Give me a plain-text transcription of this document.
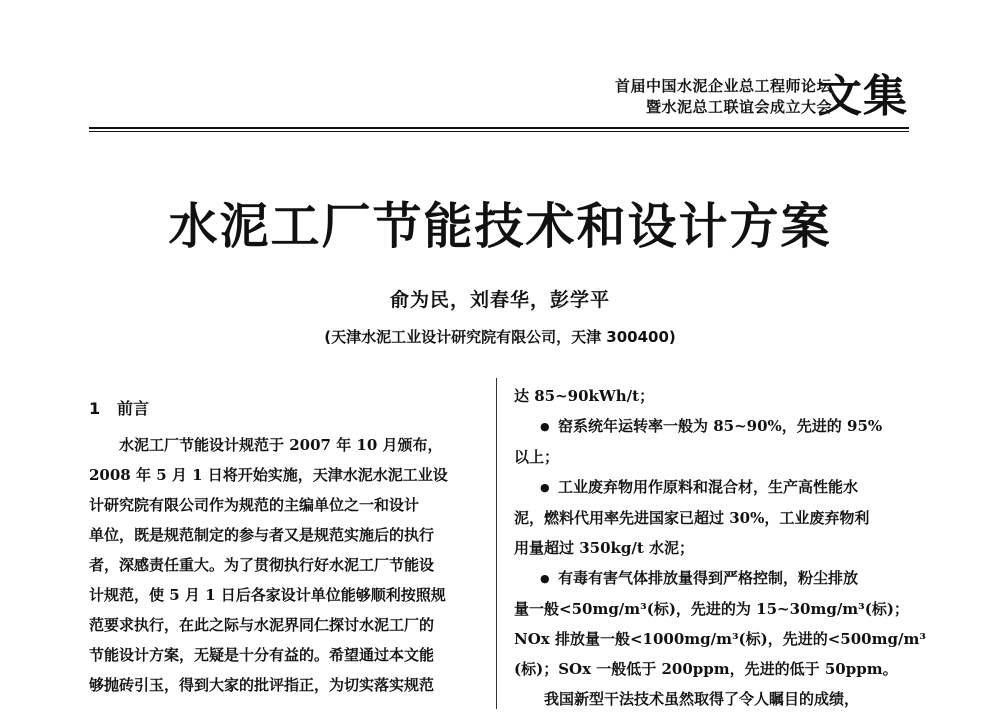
首届中国水泥企业总工程师论坛
暨水泥总工联谊会成立大会
文集
水泥工厂节能技术和设计方案
俞为民，刘春华，彭学平
(天津水泥工业设计研究院有限公司，天津 300400)
1 前言
水泥工厂节能设计规范于 2007 年 10 月颁布，
2008 年 5 月 1 日将开始实施，天津水泥水泥工业设
计研究院有限公司作为规范的主编单位之一和设计
单位，既是规范制定的参与者又是规范实施后的执行
者，深感责任重大。为了贯彻执行好水泥工厂节能设
计规范，使 5 月 1 日后各家设计单位能够顺利按照规
范要求执行，在此之际与水泥界同仁探讨水泥工厂的
节能设计方案，无疑是十分有益的。希望通过本文能
够抛砖引玉，得到大家的批评指正，为切实落实规范
达 85~90kWh/t；
● 窑系统年运转率一般为 85~90%，先进的 95%
以上；
● 工业废弃物用作原料和混合材，生产高性能水
泥，燃料代用率先进国家已超过 30%，工业废弃物利
用量超过 350kg/t 水泥；
● 有毒有害气体排放量得到严格控制，粉尘排放
量一般<50mg/m³(标)，先进的为 15~30mg/m³(标)；
NOx 排放量一般<1000mg/m³(标)，先进的<500mg/m³
(标)；SOx 一般低于 200ppm，先进的低于 50ppm。
我国新型干法技术虽然取得了令人瞩目的成绩，
